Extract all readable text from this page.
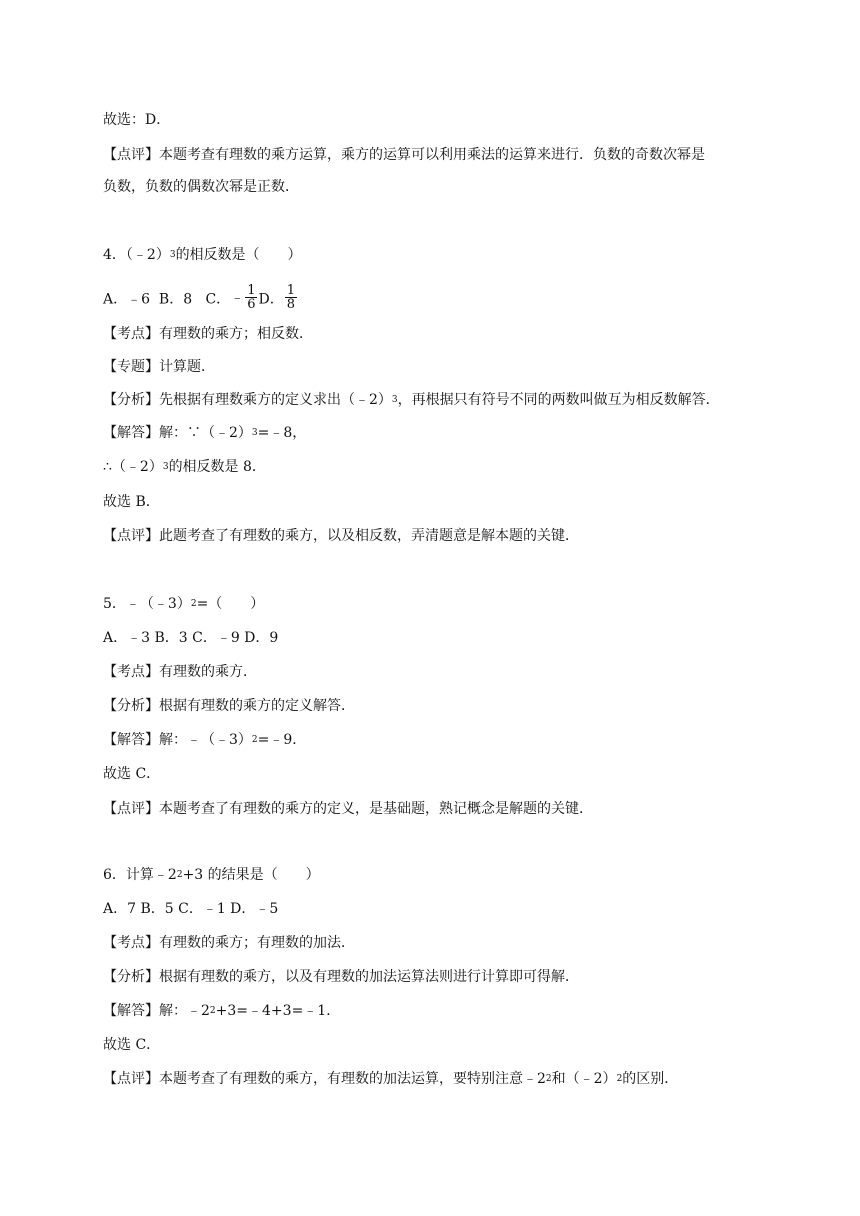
故选：D．
【点评】本题考查有理数的乘方运算，乘方的运算可以利用乘法的运算来进行．负数的奇数次幂是
负数，负数的偶数次幂是正数．
4．（﹣2）$^3$的相反数是（　　）
A．﹣6  B．8   C．﹣ $\frac{1}{6}$ D． $\frac{1}{8}$
【考点】有理数的乘方；相反数．
【专题】计算题．
【分析】先根据有理数乘方的定义求出（﹣2）$^3$，再根据只有符号不同的两数叫做互为相反数解答．
【解答】解：∵（﹣2）$^3$=﹣8，
∴（﹣2）$^3$的相反数是 8．
故选 B．
【点评】此题考查了有理数的乘方，以及相反数，弄清题意是解本题的关键．
5．﹣（﹣3）$^2$=（　　）
A．﹣3 B．3 C．﹣9 D．9
【考点】有理数的乘方．
【分析】根据有理数的乘方的定义解答．
【解答】解：﹣（﹣3）$^2$=﹣9．
故选 C．
【点评】本题考查了有理数的乘方的定义，是基础题，熟记概念是解题的关键．
6．计算$﹣2^2+3$ 的结果是（　　）
A．7 B．5 C．﹣1 D．﹣5
【考点】有理数的乘方；有理数的加法．
【分析】根据有理数的乘方，以及有理数的加法运算法则进行计算即可得解．
【解答】解：$﹣2^2+3=﹣4+3=﹣1$．
故选 C．
【点评】本题考查了有理数的乘方，有理数的加法运算，要特别注意$﹣2^2$和（﹣2）$^2$的区别．
